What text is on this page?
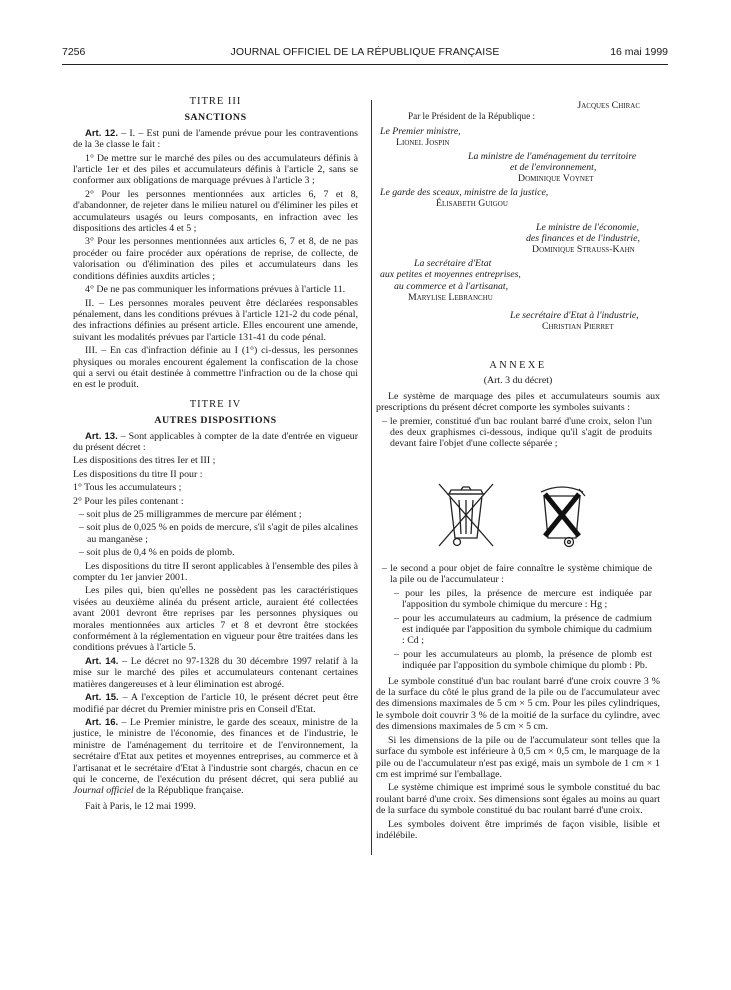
7256	JOURNAL OFFICIEL DE LA RÉPUBLIQUE FRANÇAISE	16 mai 1999

TITRE III

SANCTIONS

Art. 12. – I. – Est puni de l'amende prévue pour les contraventions de la 3e classe le fait :

1° De mettre sur le marché des piles ou des accumulateurs définis à l'article 1er et des piles et accumulateurs définis à l'article 2, sans se conformer aux obligations de marquage prévues à l'article 3 ;

2° Pour les personnes mentionnées aux articles 6, 7 et 8, d'abandonner, de rejeter dans le milieu naturel ou d'éliminer les piles et accumulateurs usagés ou leurs composants, en infraction avec les dispositions des articles 4 et 5 ;

3° Pour les personnes mentionnées aux articles 6, 7 et 8, de ne pas procéder ou faire procéder aux opérations de reprise, de collecte, de valorisation ou d'élimination des piles et accumulateurs dans les conditions définies auxdits articles ;

4° De ne pas communiquer les informations prévues à l'article 11.

II. – Les personnes morales peuvent être déclarées responsables pénalement, dans les conditions prévues à l'article 121-2 du code pénal, des infractions définies au présent article. Elles encourent une amende, suivant les modalités prévues par l'article 131-41 du code pénal.

III. – En cas d'infraction définie au I (1°) ci-dessus, les personnes physiques ou morales encourent également la confiscation de la chose qui a servi ou était destinée à commettre l'infraction ou de la chose qui en est le produit.

TITRE IV

AUTRES DISPOSITIONS

Art. 13. – Sont applicables à compter de la date d'entrée en vigueur du présent décret :

Les dispositions des titres Ier et III ;

Les dispositions du titre II pour :

1° Tous les accumulateurs ;

2° Pour les piles contenant :

– soit plus de 25 milligrammes de mercure par élément ;

– soit plus de 0,025 % en poids de mercure, s'il s'agit de piles alcalines au manganèse ;

– soit plus de 0,4 % en poids de plomb.

Les dispositions du titre II seront applicables à l'ensemble des piles à compter du 1er janvier 2001.

Les piles qui, bien qu'elles ne possèdent pas les caractéristiques visées au deuxième alinéa du présent article, auraient été collectées avant 2001 devront être reprises par les personnes physiques ou morales mentionnées aux articles 7 et 8 et devront être stockées conformément à la réglementation en vigueur pour être traitées dans les conditions prévues à l'article 5.

Art. 14. – Le décret no 97-1328 du 30 décembre 1997 relatif à la mise sur le marché des piles et accumulateurs contenant certaines matières dangereuses et à leur élimination est abrogé.

Art. 15. – A l'exception de l'article 10, le présent décret peut être modifié par décret du Premier ministre pris en Conseil d'Etat.

Art. 16. – Le Premier ministre, le garde des sceaux, ministre de la justice, le ministre de l'économie, des finances et de l'industrie, le ministre de l'aménagement du territoire et de l'environnement, la secrétaire d'Etat aux petites et moyennes entreprises, au commerce et à l'artisanat et le secrétaire d'Etat à l'industrie sont chargés, chacun en ce qui le concerne, de l'exécution du présent décret, qui sera publié au Journal officiel de la République française.

Fait à Paris, le 12 mai 1999.

Jacques Chirac
Par le Président de la République :
Le Premier ministre,
Lionel Jospin
La ministre de l'aménagement du territoire
et de l'environnement,
Dominique Voynet
Le garde des sceaux, ministre de la justice,
Élisabeth Guigou
Le ministre de l'économie,
des finances et de l'industrie,
Dominique Strauss-Kahn
La secrétaire d'Etat
aux petites et moyennes entreprises,
au commerce et à l'artisanat,
Marylise Lebranchu
Le secrétaire d'Etat à l'industrie,
Christian Pierret

ANNEXE

(Art. 3 du décret)

Le système de marquage des piles et accumulateurs soumis aux prescriptions du présent décret comporte les symboles suivants :

– le premier, constitué d'un bac roulant barré d'une croix, selon l'un des deux graphismes ci-dessous, indique qu'il s'agit de produits devant faire l'objet d'une collecte séparée ;

– le second a pour objet de faire connaître le système chimique de la pile ou de l'accumulateur :

– pour les piles, la présence de mercure est indiquée par l'apposition du symbole chimique du mercure : Hg ;

– pour les accumulateurs au cadmium, la présence de cadmium est indiquée par l'apposition du symbole chimique du cadmium : Cd ;

– pour les accumulateurs au plomb, la présence de plomb est indiquée par l'apposition du symbole chimique du plomb : Pb.

Le symbole constitué d'un bac roulant barré d'une croix couvre 3 % de la surface du côté le plus grand de la pile ou de l'accumulateur avec des dimensions maximales de 5 cm × 5 cm. Pour les piles cylindriques, le symbole doit couvrir 3 % de la moitié de la surface du cylindre, avec des dimensions maximales de 5 cm × 5 cm.

Si les dimensions de la pile ou de l'accumulateur sont telles que la surface du symbole est inférieure à 0,5 cm × 0,5 cm, le marquage de la pile ou de l'accumulateur n'est pas exigé, mais un symbole de 1 cm × 1 cm est imprimé sur l'emballage.

Le système chimique est imprimé sous le symbole constitué du bac roulant barré d'une croix. Ses dimensions sont égales au moins au quart de la surface du symbole constitué du bac roulant barré d'une croix.

Les symboles doivent être imprimés de façon visible, lisible et indélébile.
